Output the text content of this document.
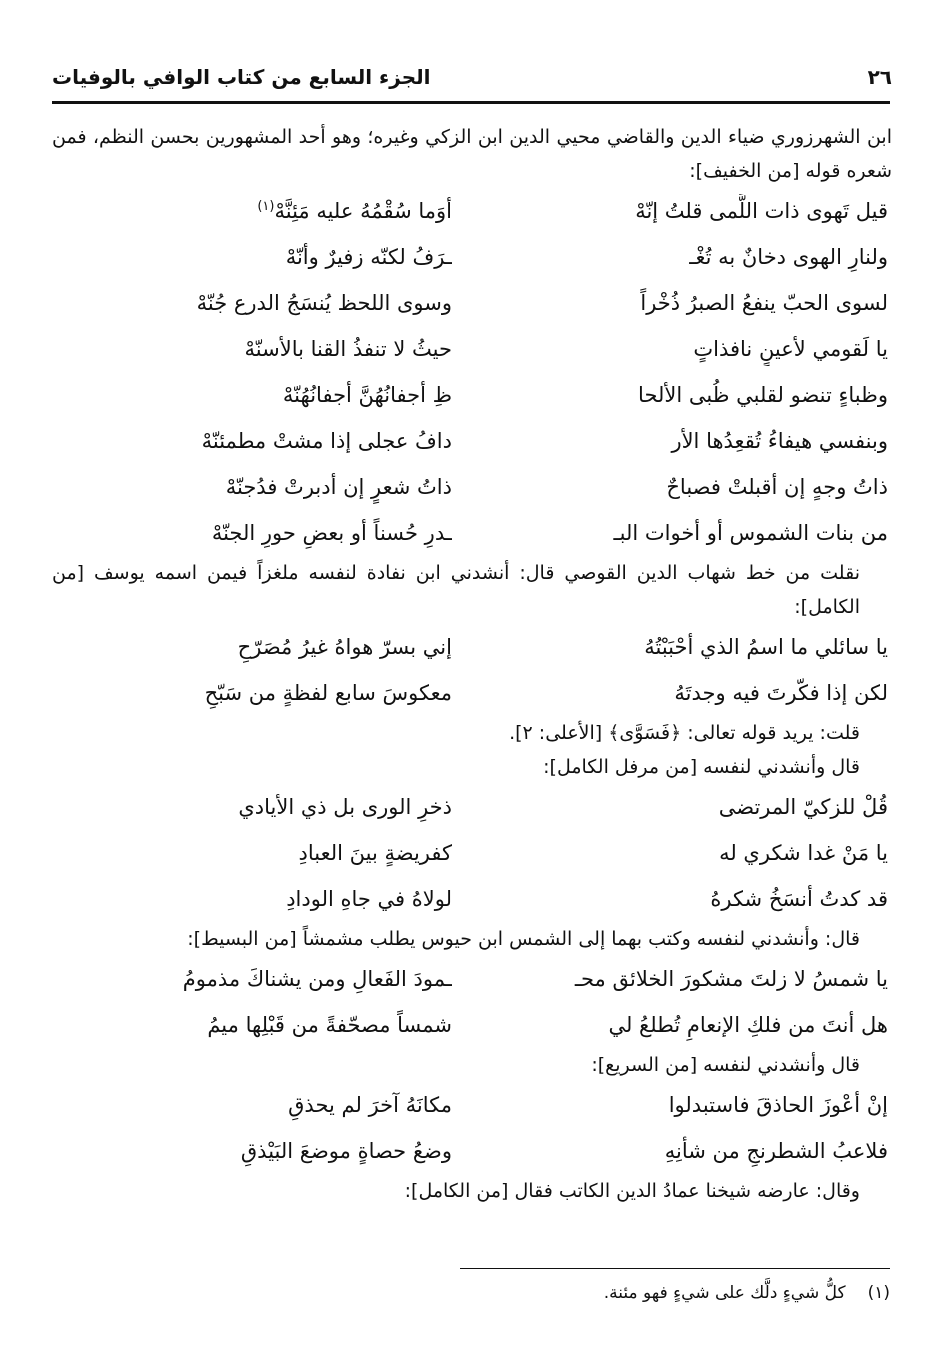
٢٦
الجزء السابع من كتاب الوافي بالوفيات

ابن الشهرزوري ضياء الدين والقاضي محيي الدين ابن الزكي وغيره؛ وهو أحد المشهورين بحسن النظم، فمن شعره قوله [من الخفيف]:

قيل تَهوى ذات اللَّمى قلتُ إنّهْ
أوَما سُقْمُهُ عليه مَئِنَّهْ$^{(١)}$
ولنارِ الهوى دخانٌ به تُغْـ
ـرَفُ لكنّه زفيرٌ وأنّهْ
لسوى الحبّ ينفعُ الصبرُ ذُخْراً
وسوى اللحظ يُنسَجُ الدرع جُنّهْ
يا لَقومي لأعينٍ نافذاتٍ
حيثُ لا تنفذُ القنا بالأسنّهْ
وظباءٍ تنضو لقلبي ظُبى الألحا
ظِ أجفانُهُنَّ أجفانُهُنّهْ
وبنفسي هيفاءُ تُقعِدُها الأر
دافُ عجلى إذا مشتْ مطمئنّهْ
ذاتُ وجهٍ إن أقبلتْ فصباحٌ
ذاتُ شعرٍ إن أدبرتْ فدُجنّهْ
من بنات الشموس أو أخوات البـ
ـدرِ حُسناً أو بعضِ حورِ الجنّهْ

نقلت من خط شهاب الدين القوصي قال: أنشدني ابن نفادة لنفسه ملغزاً فيمن اسمه يوسف [من الكامل]:

يا سائلي ما اسمُ الذي أحْبَبْتُهُ
إني بسرّ هواهُ غيرُ مُصَرّحِ
لكن إذا فكّرتَ فيه وجدتَهُ
معكوسَ سابع لفظةٍ من سَبّحِ

قلت: يريد قوله تعالى: ﴿فَسَوَّى﴾ [الأعلى: ٢].

قال وأنشدني لنفسه [من مرفل الكامل]:

قُلْ للزكيّ المرتضى
ذخرِ الورى بل ذي الأيادي
يا مَنْ غدا شكري له
كفريضةٍ بينَ العبادِ
قد كدتُ أنسَخُ شكرهُ
لولاهُ في جاهِ الودادِ

قال: وأنشدني لنفسه وكتب بهما إلى الشمس ابن حيوس يطلب مشمشاً [من البسيط]:

يا شمسُ لا زلتَ مشكورَ الخلائق محـ
ـمودَ الفَعالِ ومن يشناكَ مذمومُ
هل أنتَ من فلكِ الإنعامِ تُطلعُ لي
شمساً مصحّفةً من قَبْلِها ميمُ

قال وأنشدني لنفسه [من السريع]:

إنْ أعْوزَ الحاذقَ فاستبدلوا
مكانَهُ آخرَ لم يحذقِ
فلاعبُ الشطرنجِ من شأنِهِ
وضعُ حصاةٍ موضعَ البَيْذقِ

وقال: عارضه شيخنا عمادُ الدين الكاتب فقال [من الكامل]:

(١)كلُّ شيءٍ دلَّك على شيءٍ فهو مئنة.
